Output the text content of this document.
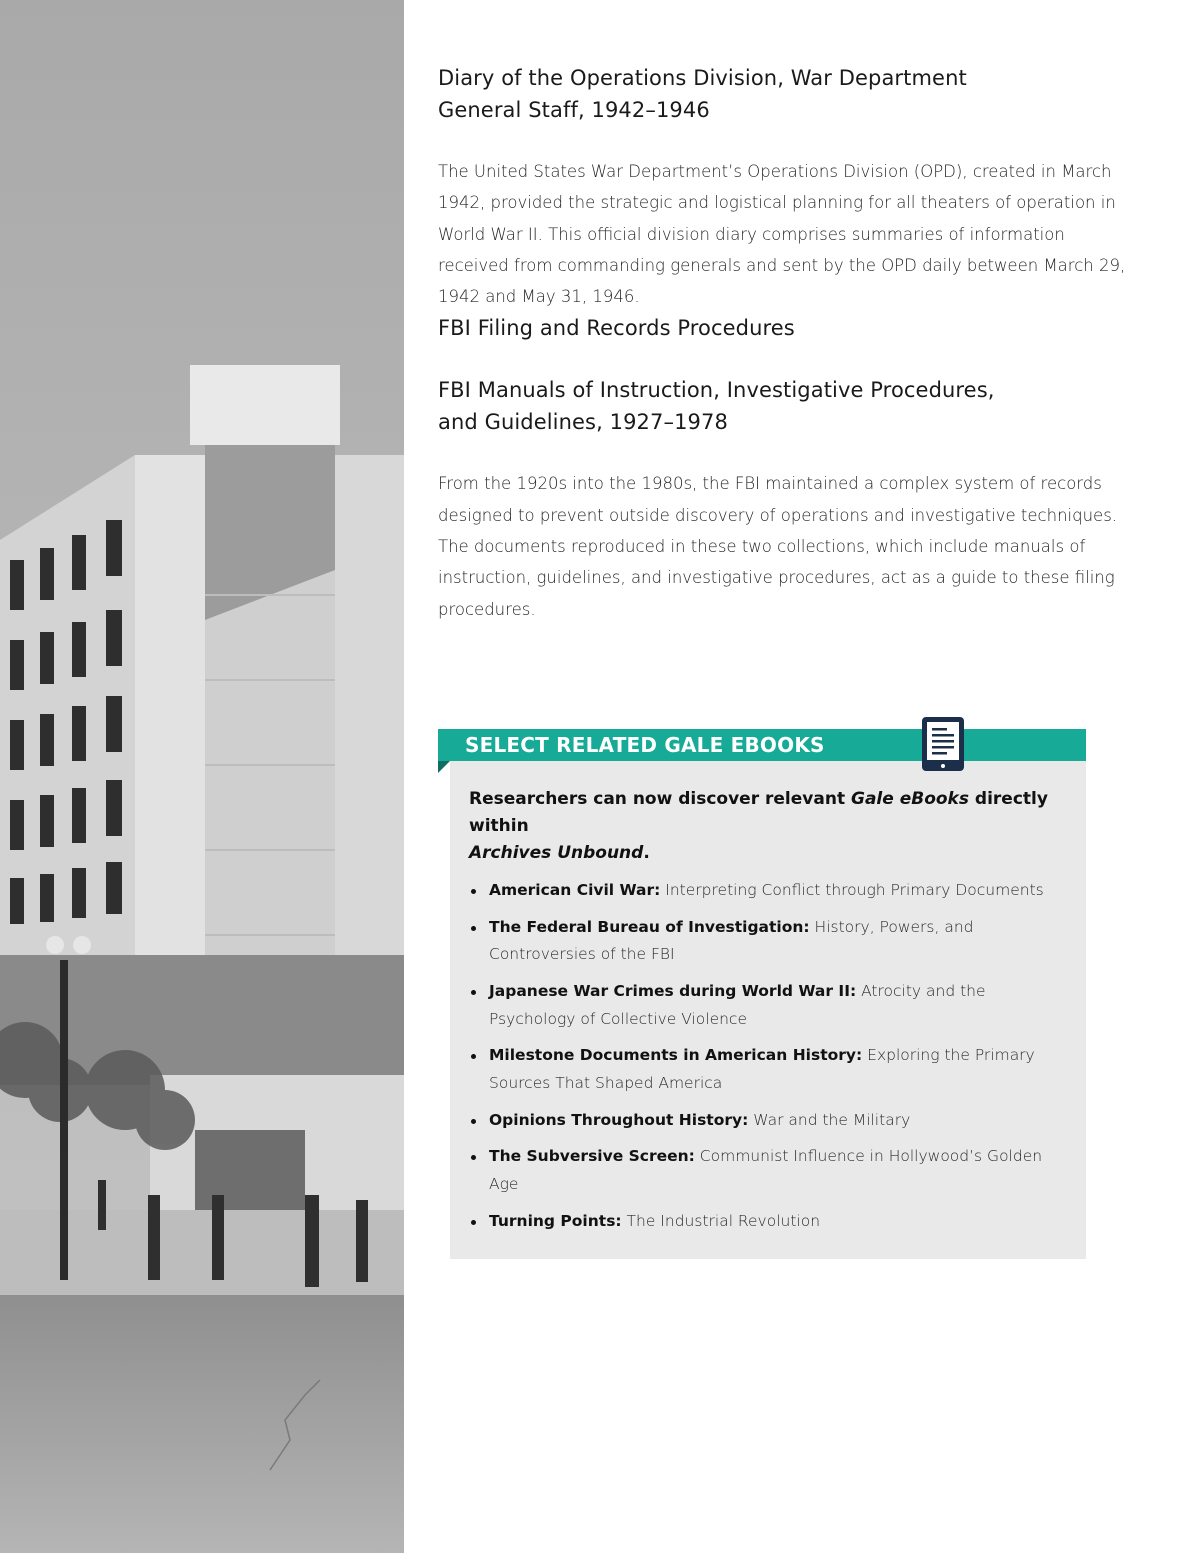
Diary of the Operations Division, War Department
General Staff, 1942–1946

The United States War Department’s Operations Division (OPD), created in March 1942, provided the strategic and logistical planning for all theaters of operation in World War II. This official division diary comprises summaries of information received from commanding generals and sent by the OPD daily between March 29, 1942 and May 31, 1946.

FBI Filing and Records Procedures
FBI Manuals of Instruction, Investigative Procedures,
and Guidelines, 1927–1978

From the 1920s into the 1980s, the FBI maintained a complex system of records designed to prevent outside discovery of operations and investigative techniques. The documents reproduced in these two collections, which include manuals of instruction, guidelines, and investigative procedures, act as a guide to these filing procedures.

SELECT RELATED GALE EBOOKS

Researchers can now discover relevant Gale eBooks directly within
Archives Unbound.

American Civil War: Interpreting Conflict through Primary Documents
The Federal Bureau of Investigation: History, Powers, and Controversies of the FBI
Japanese War Crimes during World War II: Atrocity and the Psychology of Collective Violence
Milestone Documents in American History: Exploring the Primary Sources That Shaped America
Opinions Throughout History: War and the Military
The Subversive Screen: Communist Influence in Hollywood’s Golden Age
Turning Points: The Industrial Revolution
